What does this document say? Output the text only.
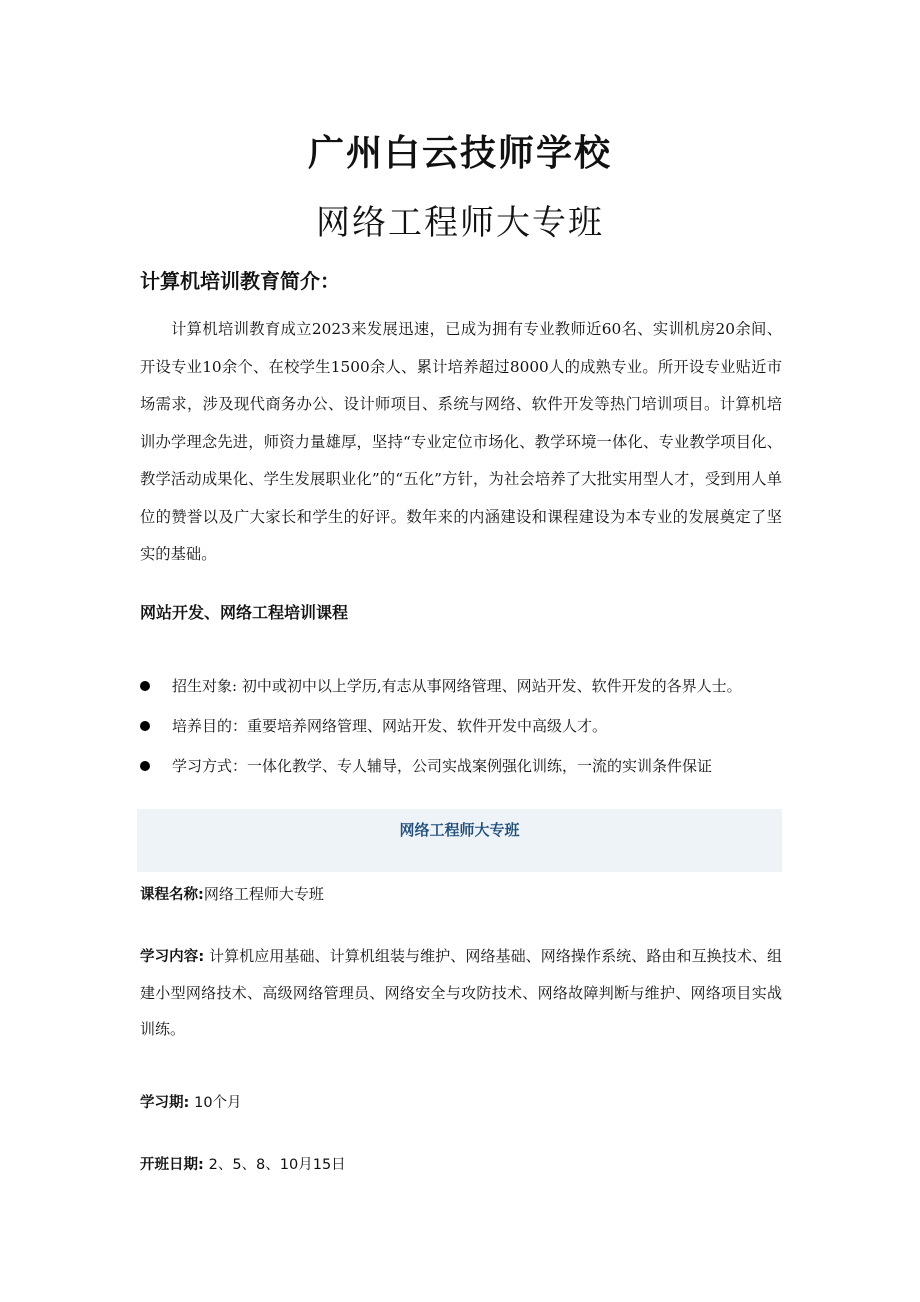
广州白云技师学校
网络工程师大专班
计算机培训教育简介：
计算机培训教育成立2023来发展迅速，已成为拥有专业教师近60名、实训机房20余间、开设专业10余个、在校学生1500余人、累计培养超过8000人的成熟专业。所开设专业贴近市场需求，涉及现代商务办公、设计师项目、系统与网络、软件开发等热门培训项目。计算机培训办学理念先进，师资力量雄厚，坚持“专业定位市场化、教学环境一体化、专业教学项目化、教学活动成果化、学生发展职业化”的“五化”方针，为社会培养了大批实用型人才，受到用人单位的赞誉以及广大家长和学生的好评。数年来的内涵建设和课程建设为本专业的发展奠定了坚实的基础。
网站开发、网络工程培训课程
招生对象: 初中或初中以上学历,有志从事网络管理、网站开发、软件开发的各界人士。
培养目的：重要培养网络管理、网站开发、软件开发中高级人才。
学习方式：一体化教学、专人辅导，公司实战案例强化训练，一流的实训条件保证
网络工程师大专班
课程名称:网络工程师大专班
学习内容: 计算机应用基础、计算机组装与维护、网络基础、网络操作系统、路由和互换技术、组建小型网络技术、高级网络管理员、网络安全与攻防技术、网络故障判断与维护、网络项目实战训练。
学习期: 10个月
开班日期: 2、5、8、10月15日
